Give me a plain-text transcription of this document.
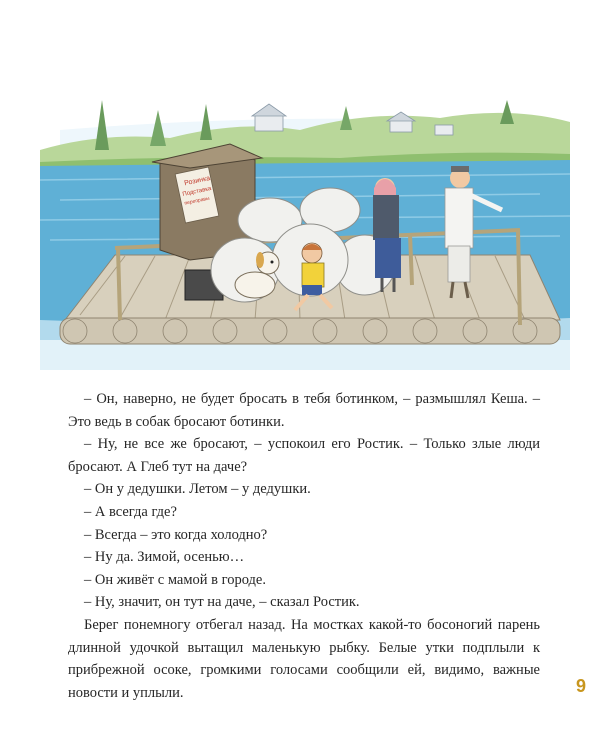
Розинка
Подставка
переправы

– Он, наверно, не будет бросать в тебя ботинком, – размышлял Кеша. – Это ведь в собак бросают ботинки.

– Ну, не все же бросают, – успокоил его Ростик. – Только злые люди бросают. А Глеб тут на даче?

– Он у дедушки. Летом – у дедушки.

– А всегда где?

– Всегда – это когда холодно?

– Ну да. Зимой, осенью…

– Он живёт с мамой в городе.

– Ну, значит, он тут на даче, – сказал Ростик.

Берег понемногу отбегал назад. На мостках какой-то босоногий парень длинной удочкой вытащил маленькую рыбку. Белые утки подплыли к прибрежной осоке, громкими голосами сообщили ей, видимо, важные новости и уплыли.	9
